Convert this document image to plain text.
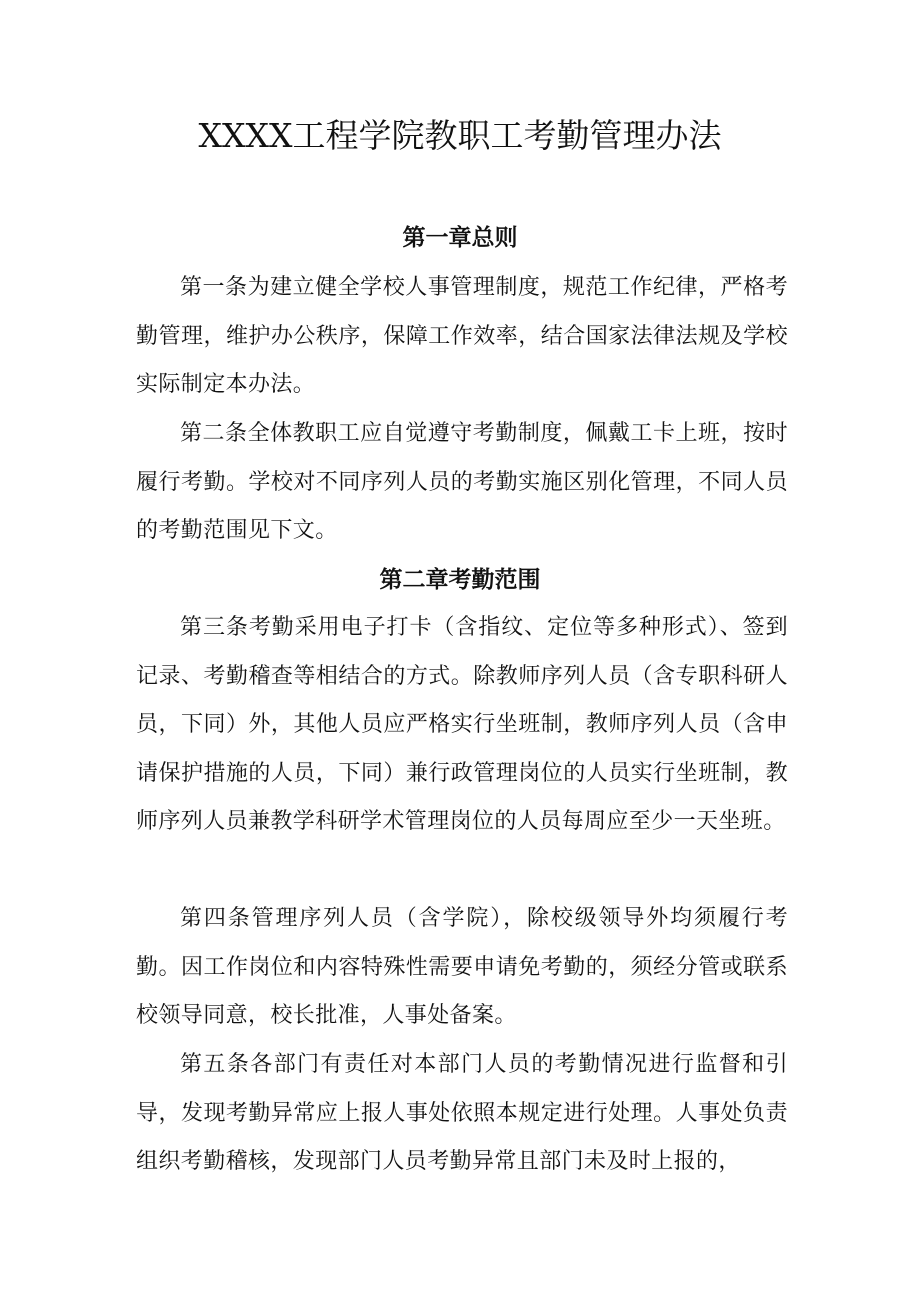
XXXX工程学院教职工考勤管理办法
第一章总则

第一条为建立健全学校人事管理制度，规范工作纪律，严格考勤管理，维护办公秩序，保障工作效率，结合国家法律法规及学校实际制定本办法。

第二条全体教职工应自觉遵守考勤制度，佩戴工卡上班，按时履行考勤。学校对不同序列人员的考勤实施区别化管理，不同人员的考勤范围见下文。

第二章考勤范围

第三条考勤采用电子打卡（含指纹、定位等多种形式）、签到记录、考勤稽查等相结合的方式。除教师序列人员（含专职科研人员，下同）外，其他人员应严格实行坐班制，教师序列人员（含申请保护措施的人员，下同）兼行政管理岗位的人员实行坐班制，教师序列人员兼教学科研学术管理岗位的人员每周应至少一天坐班。

第四条管理序列人员（含学院），除校级领导外均须履行考勤。因工作岗位和内容特殊性需要申请免考勤的，须经分管或联系校领导同意，校长批准，人事处备案。

第五条各部门有责任对本部门人员的考勤情况进行监督和引导，发现考勤异常应上报人事处依照本规定进行处理。人事处负责组织考勤稽核，发现部门人员考勤异常且部门未及时上报的，
